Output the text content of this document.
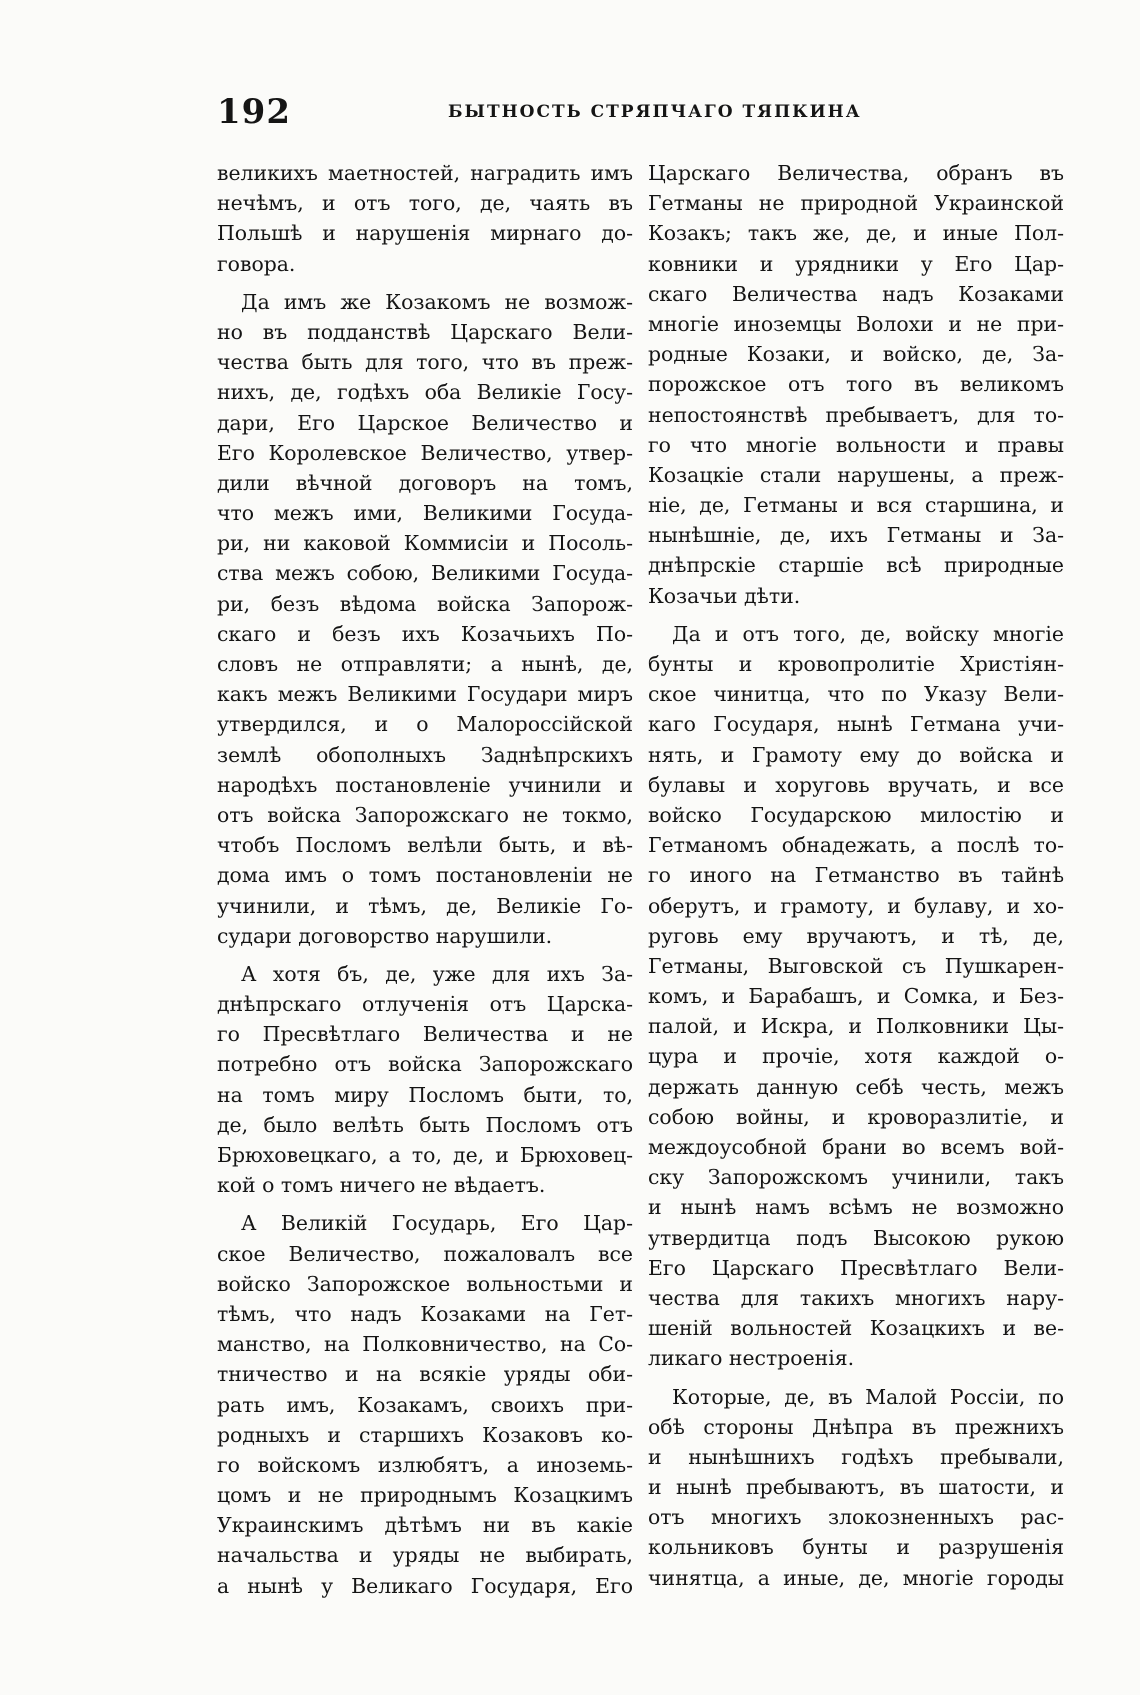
192	БЫТНОСТЬ СТРЯПЧАГО ТЯПКИНА
великихъ маетностей, наградить имъ
нечѣмъ, и отъ того, де, чаять въ
Польшѣ и нарушенія мирнаго до-
говора.
Да имъ же Козакомъ не возмож-
но въ подданствѣ Царскаго Вели-
чества быть для того, что въ преж-
нихъ, де, годѣхъ оба Великіе Госу-
дари, Его Царское Величество и
Его Королевское Величество, утвер-
дили вѣчной договоръ на томъ,
что межъ ими, Великими Госуда-
ри, ни каковой Коммисіи и Посоль-
ства межъ собою, Великими Госуда-
ри, безъ вѣдома войска Запорож-
скаго и безъ ихъ Козачьихъ По-
словъ не отправляти; а нынѣ, де,
какъ межъ Великими Государи миръ
утвердился, и о Малороссійской
землѣ обополныхъ Заднѣпрскихъ
народѣхъ постановленіе учинили и
отъ войска Запорожскаго не токмо,
чтобъ Посломъ велѣли быть, и вѣ-
дома имъ о томъ постановленіи не
учинили, и тѣмъ, де, Великіе Го-
судари договорство нарушили.
А хотя бъ, де, уже для ихъ За-
днѣпрскаго отлученія отъ Царска-
го Пресвѣтлаго Величества и не
потребно отъ войска Запорожскаго
на томъ миру Посломъ быти, то,
де, было велѣть быть Посломъ отъ
Брюховецкаго, а то, де, и Брюховец-
кой о томъ ничего не вѣдаетъ.
А Великій Государь, Его Цар-
ское Величество, пожаловалъ все
войско Запорожское вольностьми и
тѣмъ, что надъ Козаками на Гет-
манство, на Полковничество, на Со-
тничество и на всякіе уряды оби-
рать имъ, Козакамъ, своихъ при-
родныхъ и старшихъ Козаковъ ко-
го войскомъ излюбятъ, а иноземь-
цомъ и не природнымъ Козацкимъ
Украинскимъ дѣтѣмъ ни въ какіе
начальства и уряды не выбирать,
а нынѣ у Великаго Государя, Его
Царскаго Величества, обранъ въ
Гетманы не природной Украинской
Козакъ; такъ же, де, и иные Пол-
ковники и урядники у Его Цар-
скаго Величества надъ Козаками
многіе иноземцы Волохи и не при-
родные Козаки, и войско, де, За-
порожское отъ того въ великомъ
непостоянствѣ пребываетъ, для то-
го что многіе вольности и правы
Козацкіе стали нарушены, а преж-
ніе, де, Гетманы и вся старшина, и
нынѣшніе, де, ихъ Гетманы и За-
днѣпрскіе старшіе всѣ природные
Козачьи дѣти.
Да и отъ того, де, войску многіе
бунты и кровопролитіе Христіян-
ское чинитца, что по Указу Вели-
каго Государя, нынѣ Гетмана учи-
нять, и Грамоту ему до войска и
булавы и хоруговь вручать, и все
войско Государскою милостію и
Гетманомъ обнадежать, а послѣ то-
го иного на Гетманство въ тайнѣ
оберутъ, и грамоту, и булаву, и хо-
руговь ему вручаютъ, и тѣ, де,
Гетманы, Выговской съ Пушкарен-
комъ, и Барабашъ, и Сомка, и Без-
палой, и Искра, и Полковники Цы-
цура и прочіе, хотя каждой о-
держать данную себѣ честь, межъ
собою войны, и кроворазлитіе, и
междоусобной брани во всемъ вой-
ску Запорожскомъ учинили, такъ
и нынѣ намъ всѣмъ не возможно
утвердитца подъ Высокою рукою
Его Царскаго Пресвѣтлаго Вели-
чества для такихъ многихъ нару-
шеній вольностей Козацкихъ и ве-
ликаго нестроенія.
Которые, де, въ Малой Россіи, по
обѣ стороны Днѣпра въ прежнихъ
и нынѣшнихъ годѣхъ пребывали,
и нынѣ пребываютъ, въ шатости, и
отъ многихъ злокозненныхъ рас-
кольниковъ бунты и разрушенія
чинятца, а иные, де, многіе городы
